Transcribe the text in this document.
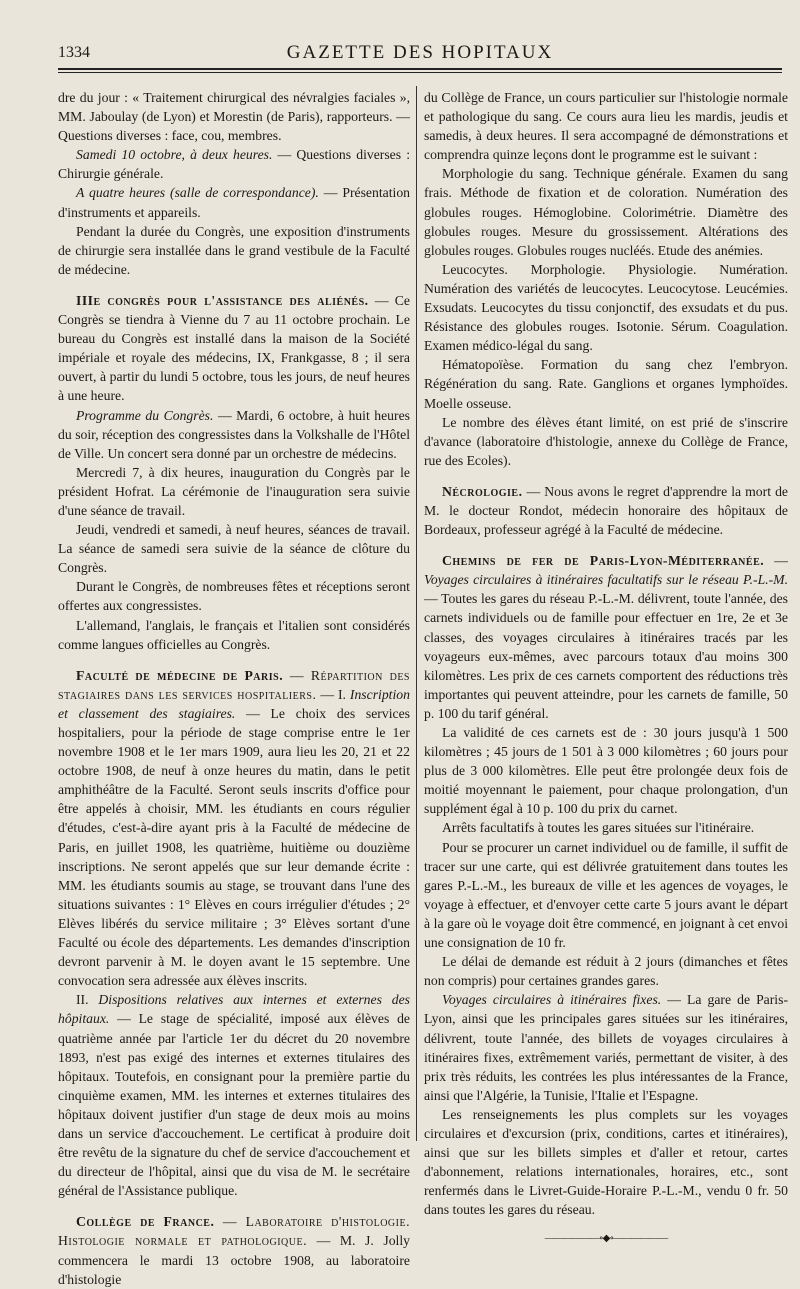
1334	GAZETTE DES HOPITAUX

dre du jour : « Traitement chirurgical des névralgies faciales », MM. Jaboulay (de Lyon) et Morestin (de Paris), rapporteurs. — Questions diverses : face, cou, membres.

Samedi 10 octobre, à deux heures. — Questions diverses : Chirurgie générale.

A quatre heures (salle de correspondance). — Présentation d'instruments et appareils.

Pendant la durée du Congrès, une exposition d'instruments de chirurgie sera installée dans le grand vestibule de la Faculté de médecine.

IIIe congrès pour l'assistance des aliénés. — Ce Congrès se tiendra à Vienne du 7 au 11 octobre prochain. Le bureau du Congrès est installé dans la maison de la Société impériale et royale des médecins, IX, Frankgasse, 8 ; il sera ouvert, à partir du lundi 5 octobre, tous les jours, de neuf heures à une heure.

Programme du Congrès. — Mardi, 6 octobre, à huit heures du soir, réception des congressistes dans la Volkshalle de l'Hôtel de Ville. Un concert sera donné par un orchestre de médecins.

Mercredi 7, à dix heures, inauguration du Congrès par le président Hofrat. La cérémonie de l'inauguration sera suivie d'une séance de travail.

Jeudi, vendredi et samedi, à neuf heures, séances de travail. La séance de samedi sera suivie de la séance de clôture du Congrès.

Durant le Congrès, de nombreuses fêtes et réceptions seront offertes aux congressistes.

L'allemand, l'anglais, le français et l'italien sont considérés comme langues officielles au Congrès.

Faculté de médecine de Paris. — Répartition des stagiaires dans les services hospitaliers. — I. Inscription et classement des stagiaires. — Le choix des services hospitaliers, pour la période de stage comprise entre le 1er novembre 1908 et le 1er mars 1909, aura lieu les 20, 21 et 22 octobre 1908, de neuf à onze heures du matin, dans le petit amphithéâtre de la Faculté. Seront seuls inscrits d'office pour être appelés à choisir, MM. les étudiants en cours régulier d'études, c'est-à-dire ayant pris à la Faculté de médecine de Paris, en juillet 1908, les quatrième, huitième ou douzième inscriptions. Ne seront appelés que sur leur demande écrite : MM. les étudiants soumis au stage, se trouvant dans l'une des situations suivantes : 1° Elèves en cours irrégulier d'études ; 2° Elèves libérés du service militaire ; 3° Elèves sortant d'une Faculté ou école des départements. Les demandes d'inscription devront parvenir à M. le doyen avant le 15 septembre. Une convocation sera adressée aux élèves inscrits.

II. Dispositions relatives aux internes et externes des hôpitaux. — Le stage de spécialité, imposé aux élèves de quatrième année par l'article 1er du décret du 20 novembre 1893, n'est pas exigé des internes et externes titulaires des hôpitaux. Toutefois, en consignant pour la première partie du cinquième examen, MM. les internes et externes titulaires des hôpitaux doivent justifier d'un stage de deux mois au moins dans un service d'accouchement. Le certificat à produire doit être revêtu de la signature du chef de service d'accouchement et du directeur de l'hôpital, ainsi que du visa de M. le secrétaire général de l'Assistance publique.

Collège de France. — Laboratoire d'histologie. Histologie normale et pathologique. — M. J. Jolly commencera le mardi 13 octobre 1908, au laboratoire d'histologie

du Collège de France, un cours particulier sur l'histologie normale et pathologique du sang. Ce cours aura lieu les mardis, jeudis et samedis, à deux heures. Il sera accompagné de démonstrations et comprendra quinze leçons dont le programme est le suivant :

Morphologie du sang. Technique générale. Examen du sang frais. Méthode de fixation et de coloration. Numération des globules rouges. Hémoglobine. Colorimétrie. Diamètre des globules rouges. Mesure du grossissement. Altérations des globules rouges. Globules rouges nucléés. Etude des anémies.

Leucocytes. Morphologie. Physiologie. Numération. Numération des variétés de leucocytes. Leucocytose. Leucémies. Exsudats. Leucocytes du tissu conjonctif, des exsudats et du pus. Résistance des globules rouges. Isotonie. Sérum. Coagulation. Examen médico-légal du sang.

Hématopoïèse. Formation du sang chez l'embryon. Régénération du sang. Rate. Ganglions et organes lymphoïdes. Moelle osseuse.

Le nombre des élèves étant limité, on est prié de s'inscrire d'avance (laboratoire d'histologie, annexe du Collège de France, rue des Ecoles).

Nécrologie. — Nous avons le regret d'apprendre la mort de M. le docteur Rondot, médecin honoraire des hôpitaux de Bordeaux, professeur agrégé à la Faculté de médecine.

Chemins de fer de Paris-Lyon-Méditerranée. — Voyages circulaires à itinéraires facultatifs sur le réseau P.-L.-M. — Toutes les gares du réseau P.-L.-M. délivrent, toute l'année, des carnets individuels ou de famille pour effectuer en 1re, 2e et 3e classes, des voyages circulaires à itinéraires tracés par les voyageurs eux-mêmes, avec parcours totaux d'au moins 300 kilomètres. Les prix de ces carnets comportent des réductions très importantes qui peuvent atteindre, pour les carnets de famille, 50 p. 100 du tarif général.

La validité de ces carnets est de : 30 jours jusqu'à 1 500 kilomètres ; 45 jours de 1 501 à 3 000 kilomètres ; 60 jours pour plus de 3 000 kilomètres. Elle peut être prolongée deux fois de moitié moyennant le paiement, pour chaque prolongation, d'un supplément égal à 10 p. 100 du prix du carnet.

Arrêts facultatifs à toutes les gares situées sur l'itinéraire.

Pour se procurer un carnet individuel ou de famille, il suffit de tracer sur une carte, qui est délivrée gratuitement dans toutes les gares P.-L.-M., les bureaux de ville et les agences de voyages, le voyage à effectuer, et d'envoyer cette carte 5 jours avant le départ à la gare où le voyage doit être commencé, en joignant à cet envoi une consignation de 10 fr.

Le délai de demande est réduit à 2 jours (dimanches et fêtes non compris) pour certaines grandes gares.

Voyages circulaires à itinéraires fixes. — La gare de Paris-Lyon, ainsi que les principales gares situées sur les itinéraires, délivrent, toute l'année, des billets de voyages circulaires à itinéraires fixes, extrêmement variés, permettant de visiter, à des prix très réduits, les contrées les plus intéressantes de la France, ainsi que l'Algérie, la Tunisie, l'Italie et l'Espagne.

Les renseignements les plus complets sur les voyages circulaires et d'excursion (prix, conditions, cartes et itinéraires), ainsi que sur les billets simples et d'aller et retour, cartes d'abonnement, relations internationales, horaires, etc., sont renfermés dans le Livret-Guide-Horaire P.-L.-M., vendu 0 fr. 50 dans toutes les gares du réseau.

——————∘◆∘——————
